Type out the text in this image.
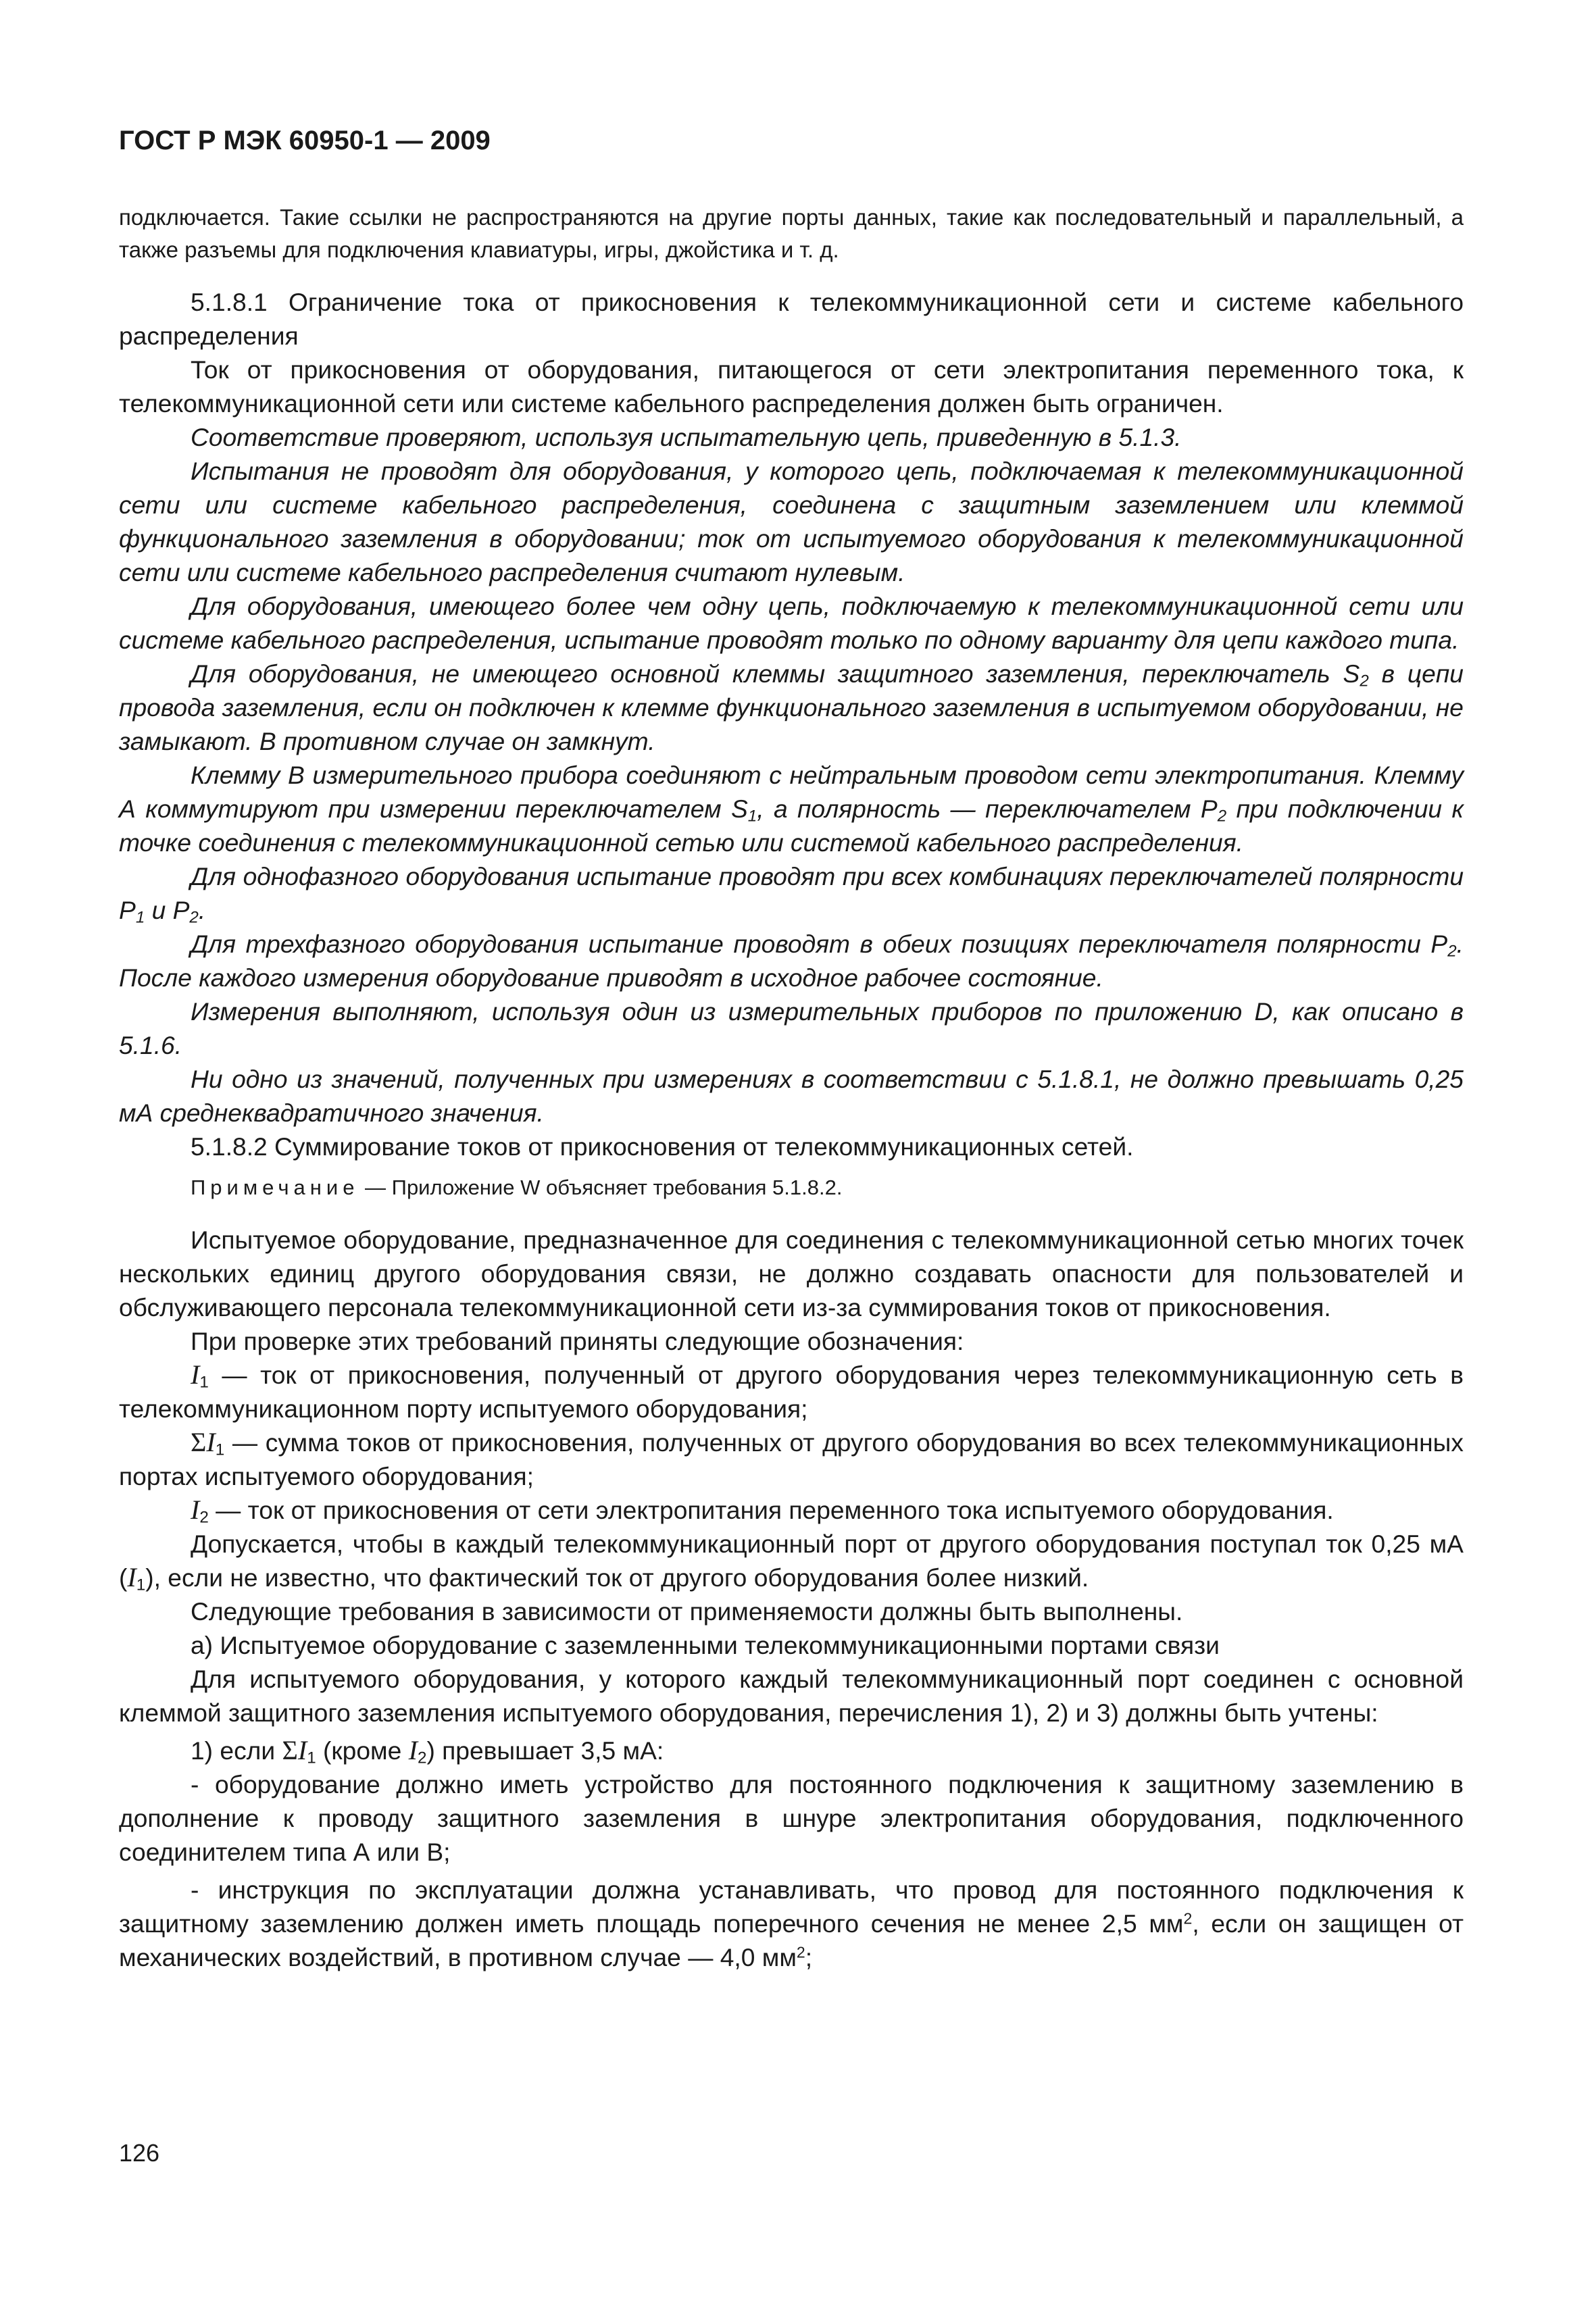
ГОСТ Р МЭК 60950-1 — 2009

подключается. Такие ссылки не распространяются на другие порты данных, такие как последовательный и параллельный, а также разъемы для подключения клавиатуры, игры, джойстика и т. д.

5.1.8.1 Ограничение тока от прикосновения к телекоммуникационной сети и системе кабельного распределения

Ток от прикосновения от оборудования, питающегося от сети электропитания переменного тока, к телекоммуникационной сети или системе кабельного распределения должен быть ограничен.

Соответствие проверяют, используя испытательную цепь, приведенную в 5.1.3.

Испытания не проводят для оборудования, у которого цепь, подключаемая к телекоммуникационной сети или системе кабельного распределения, соединена с защитным заземлением или клеммой функционального заземления в оборудовании; ток от испытуемого оборудования к телекоммуникационной сети или системе кабельного распределения считают нулевым.

Для оборудования, имеющего более чем одну цепь, подключаемую к телекоммуникационной сети или системе кабельного распределения, испытание проводят только по одному варианту для цепи каждого типа.

Для оборудования, не имеющего основной клеммы защитного заземления, переключатель $S_2$ в цепи провода заземления, если он подключен к клемме функционального заземления в испытуемом оборудовании, не замыкают. В противном случае он замкнут.

Клемму В измерительного прибора соединяют с нейтральным проводом сети электропитания. Клемму А коммутируют при измерении переключателем $S_1$, а полярность — переключателем $P_2$ при подключении к точке соединения с телекоммуникационной сетью или системой кабельного распределения.

Для однофазного оборудования испытание проводят при всех комбинациях переключателей полярности $P_1$ и $P_2$.

Для трехфазного оборудования испытание проводят в обеих позициях переключателя полярности $P_2$. После каждого измерения оборудование приводят в исходное рабочее состояние.

Измерения выполняют, используя один из измерительных приборов по приложению D, как описано в 5.1.6.

Ни одно из значений, полученных при измерениях в соответствии с 5.1.8.1, не должно превышать 0,25 мА среднеквадратичного значения.

5.1.8.2 Суммирование токов от прикосновения от телекоммуникационных сетей.

Примечание — Приложение W объясняет требования 5.1.8.2.

Испытуемое оборудование, предназначенное для соединения с телекоммуникационной сетью многих точек нескольких единиц другого оборудования связи, не должно создавать опасности для пользователей и обслуживающего персонала телекоммуникационной сети из-за суммирования токов от прикосновения.

При проверке этих требований приняты следующие обозначения:

$I_1$ — ток от прикосновения, полученный от другого оборудования через телекоммуникационную сеть в телекоммуникационном порту испытуемого оборудования;

$\Sigma I_1$ — сумма токов от прикосновения, полученных от другого оборудования во всех телекоммуникационных портах испытуемого оборудования;

$I_2$ — ток от прикосновения от сети электропитания переменного тока испытуемого оборудования.

Допускается, чтобы в каждый телекоммуникационный порт от другого оборудования поступал ток 0,25 мА $(I_1)$, если не известно, что фактический ток от другого оборудования более низкий.

Следующие требования в зависимости от применяемости должны быть выполнены.

а) Испытуемое оборудование с заземленными телекоммуникационными портами связи

Для испытуемого оборудования, у которого каждый телекоммуникационный порт соединен с основной клеммой защитного заземления испытуемого оборудования, перечисления 1), 2) и 3) должны быть учтены:

1) если $\Sigma I_1$ (кроме $I_2$) превышает 3,5 мА:

- оборудование должно иметь устройство для постоянного подключения к защитному заземлению в дополнение к проводу защитного заземления в шнуре электропитания оборудования, подключенного соединителем типа А или В;

- инструкция по эксплуатации должна устанавливать, что провод для постоянного подключения к защитному заземлению должен иметь площадь поперечного сечения не менее 2,5 $мм^2$, если он защищен от механических воздействий, в противном случае — 4,0 $мм^2$;

126
